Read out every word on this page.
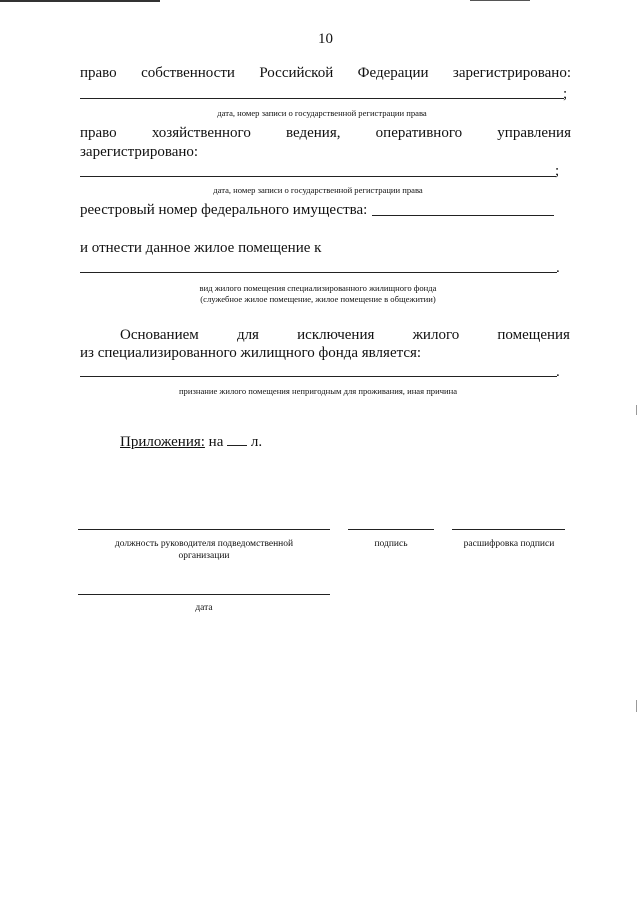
10
право собственности Российской Федерации зарегистрировано:
;
дата, номер записи о государственной регистрации права
право хозяйственного ведения, оперативного управления
зарегистрировано:
;
дата, номер записи о государственной регистрации права
реестровый номер федерального имущества:
и отнести данное жилое помещение к
.
вид жилого помещения специализированного жилищного фонда
(служебное жилое помещение, жилое помещение в общежитии)
Основанием	для	исключения	жилого	помещения
из специализированного жилищного фонда является:
.
признание жилого помещения непригодным для проживания, иная причина
Приложения: на л.
должность руководителя подведомственной
организации
подпись	расшифровка подписи
дата
